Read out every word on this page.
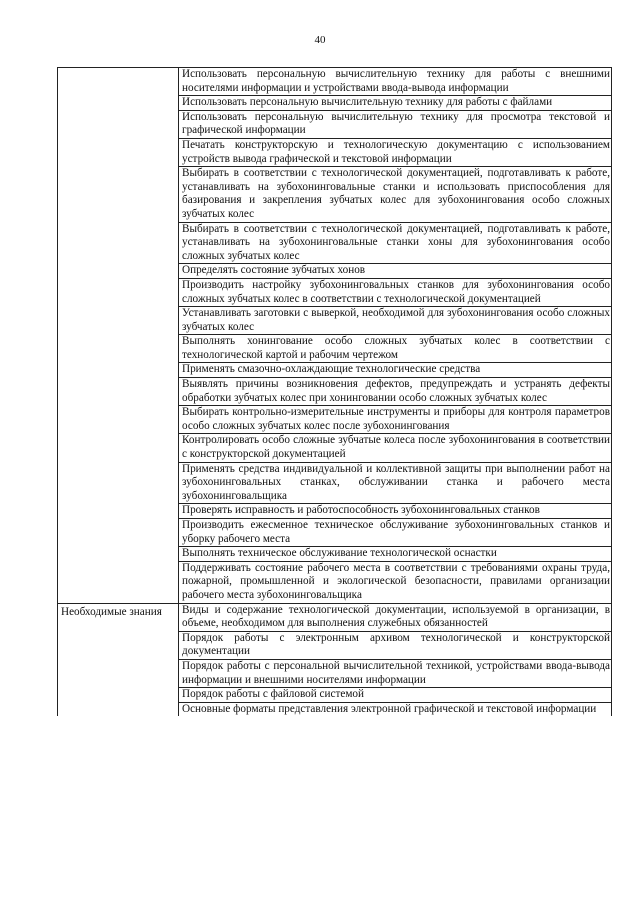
40
Использовать персональную вычислительную технику для работы с внешними носителями информации и устройствами ввода-вывода информации
Использовать персональную вычислительную технику для работы с файлами
Использовать персональную вычислительную технику для просмотра текстовой и графической информации
Печатать конструкторскую и технологическую документацию с использованием устройств вывода графической и текстовой информации
Выбирать в соответствии с технологической документацией, подготавливать к работе, устанавливать на зубохонинговальные станки и использовать приспособления для базирования и закрепления зубчатых колес для зубохонингования особо сложных зубчатых колес
Выбирать в соответствии с технологической документацией, подготавливать к работе, устанавливать на зубохонинговальные станки хоны для зубохонингования особо сложных зубчатых колес
Определять состояние зубчатых хонов
Производить настройку зубохонинговальных станков для зубохонингования особо сложных зубчатых колес в соответствии с технологической документацией
Устанавливать заготовки с выверкой, необходимой для зубохонингования особо сложных зубчатых колес
Выполнять хонингование особо сложных зубчатых колес в соответствии с технологической картой и рабочим чертежом
Применять смазочно-охлаждающие технологические средства
Выявлять причины возникновения дефектов, предупреждать и устранять дефекты обработки зубчатых колес при хонинговании особо сложных зубчатых колес
Выбирать контрольно-измерительные инструменты и приборы для контроля параметров особо сложных зубчатых колес после зубохонингования
Контролировать особо сложные зубчатые колеса после зубохонингования в соответствии с конструкторской документацией
Применять средства индивидуальной и коллективной защиты при выполнении работ на зубохонинговальных станках, обслуживании станка и рабочего места зубохонинговальщика
Проверять исправность и работоспособность зубохонинговальных станков
Производить ежесменное техническое обслуживание зубохонинговальных станков и уборку рабочего места
Выполнять техническое обслуживание технологической оснастки
Поддерживать состояние рабочего места в соответствии с требованиями охраны труда, пожарной, промышленной и экологической безопасности, правилами организации рабочего места зубохонинговальщика
Необходимые знания	Виды и содержание технологической документации, используемой в организации, в объеме, необходимом для выполнения служебных обязанностей
Порядок работы с электронным архивом технологической и конструкторской документации
Порядок работы с персональной вычислительной техникой, устройствами ввода-вывода информации и внешними носителями информации
Порядок работы с файловой системой
Основные форматы представления электронной графической и текстовой информации
